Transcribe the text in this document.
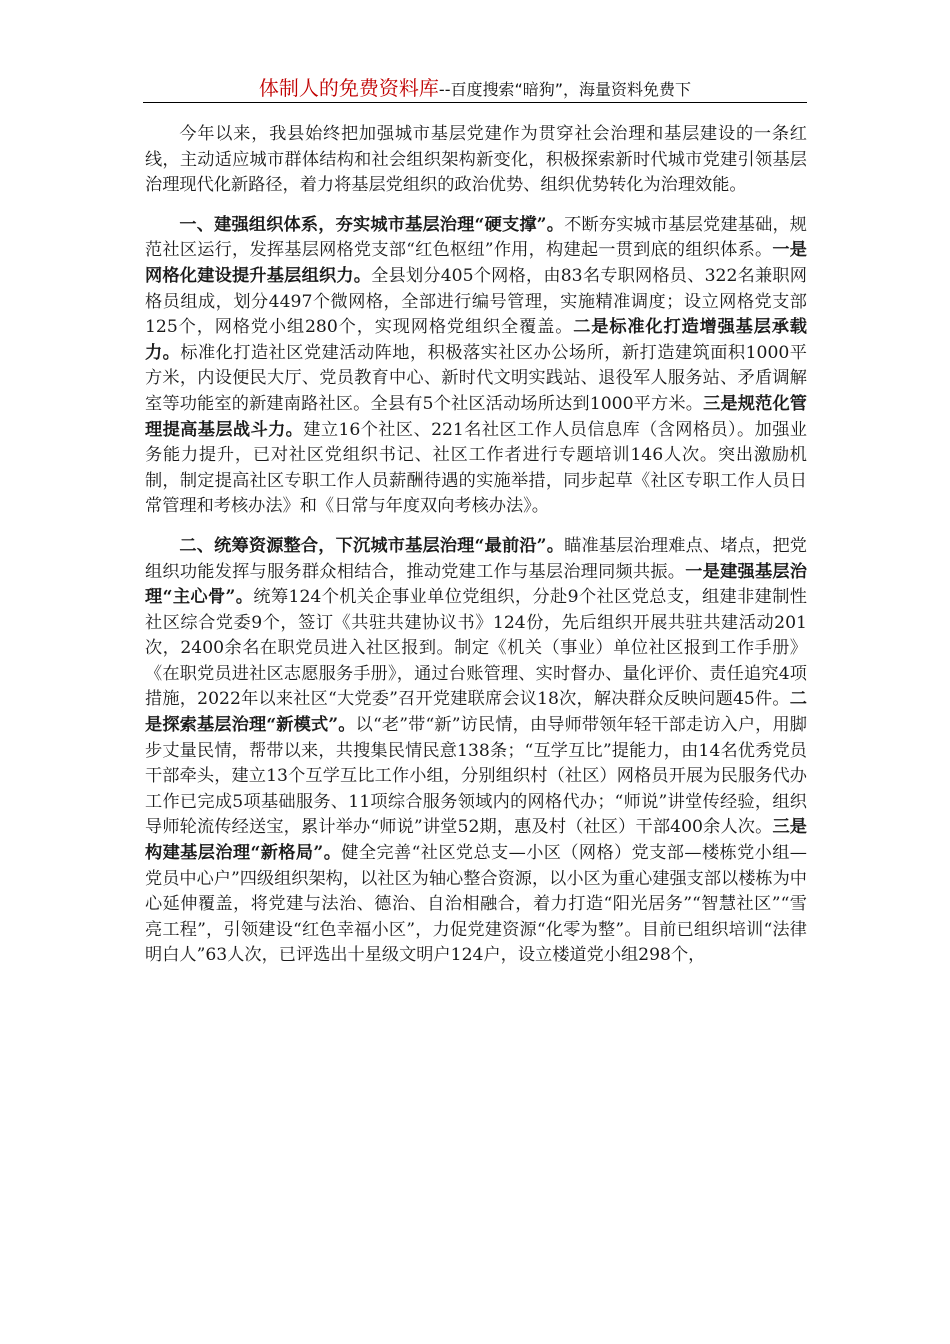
体制人的免费资料库--百度搜索“暗狗”，海量资料免费下

今年以来，我县始终把加强城市基层党建作为贯穿社会治理和基层建设的一条红线，主动适应城市群体结构和社会组织架构新变化，积极探索新时代城市党建引领基层治理现代化新路径，着力将基层党组织的政治优势、组织优势转化为治理效能。

一、建强组织体系，夯实城市基层治理“硬支撑”。不断夯实城市基层党建基础，规范社区运行，发挥基层网格党支部“红色枢纽”作用，构建起一贯到底的组织体系。一是网格化建设提升基层组织力。全县划分405个网格，由83名专职网格员、322名兼职网格员组成，划分4497个微网格，全部进行编号管理，实施精准调度；设立网格党支部125个，网格党小组280个，实现网格党组织全覆盖。二是标准化打造增强基层承载力。标准化打造社区党建活动阵地，积极落实社区办公场所，新打造建筑面积1000平方米，内设便民大厅、党员教育中心、新时代文明实践站、退役军人服务站、矛盾调解室等功能室的新建南路社区。全县有5个社区活动场所达到1000平方米。三是规范化管理提高基层战斗力。建立16个社区、221名社区工作人员信息库（含网格员）。加强业务能力提升，已对社区党组织书记、社区工作者进行专题培训146人次。突出激励机制，制定提高社区专职工作人员薪酬待遇的实施举措，同步起草《社区专职工作人员日常管理和考核办法》和《日常与年度双向考核办法》。

二、统筹资源整合，下沉城市基层治理“最前沿”。瞄准基层治理难点、堵点，把党组织功能发挥与服务群众相结合，推动党建工作与基层治理同频共振。一是建强基层治理“主心骨”。统筹124个机关企事业单位党组织，分赴9个社区党总支，组建非建制性社区综合党委9个，签订《共驻共建协议书》124份，先后组织开展共驻共建活动201次，2400余名在职党员进入社区报到。制定《机关（事业）单位社区报到工作手册》《在职党员进社区志愿服务手册》，通过台账管理、实时督办、量化评价、责任追究4项措施，2022年以来社区“大党委”召开党建联席会议18次，解决群众反映问题45件。二是探索基层治理“新模式”。以“老”带“新”访民情，由导师带领年轻干部走访入户，用脚步丈量民情，帮带以来，共搜集民情民意138条；“互学互比”提能力，由14名优秀党员干部牵头，建立13个互学互比工作小组，分别组织村（社区）网格员开展为民服务代办工作已完成5项基础服务、11项综合服务领域内的网格代办；“师说”讲堂传经验，组织导师轮流传经送宝，累计举办“师说”讲堂52期，惠及村（社区）干部400余人次。三是构建基层治理“新格局”。健全完善“社区党总支—小区（网格）党支部—楼栋党小组—党员中心户”四级组织架构，以社区为轴心整合资源，以小区为重心建强支部以楼栋为中心延伸覆盖，将党建与法治、德治、自治相融合，着力打造“阳光居务”“智慧社区”“雪亮工程”，引领建设“红色幸福小区”，力促党建资源“化零为整”。目前已组织培训“法律明白人”63人次，已评选出十星级文明户124户，设立楼道党小组298个，
